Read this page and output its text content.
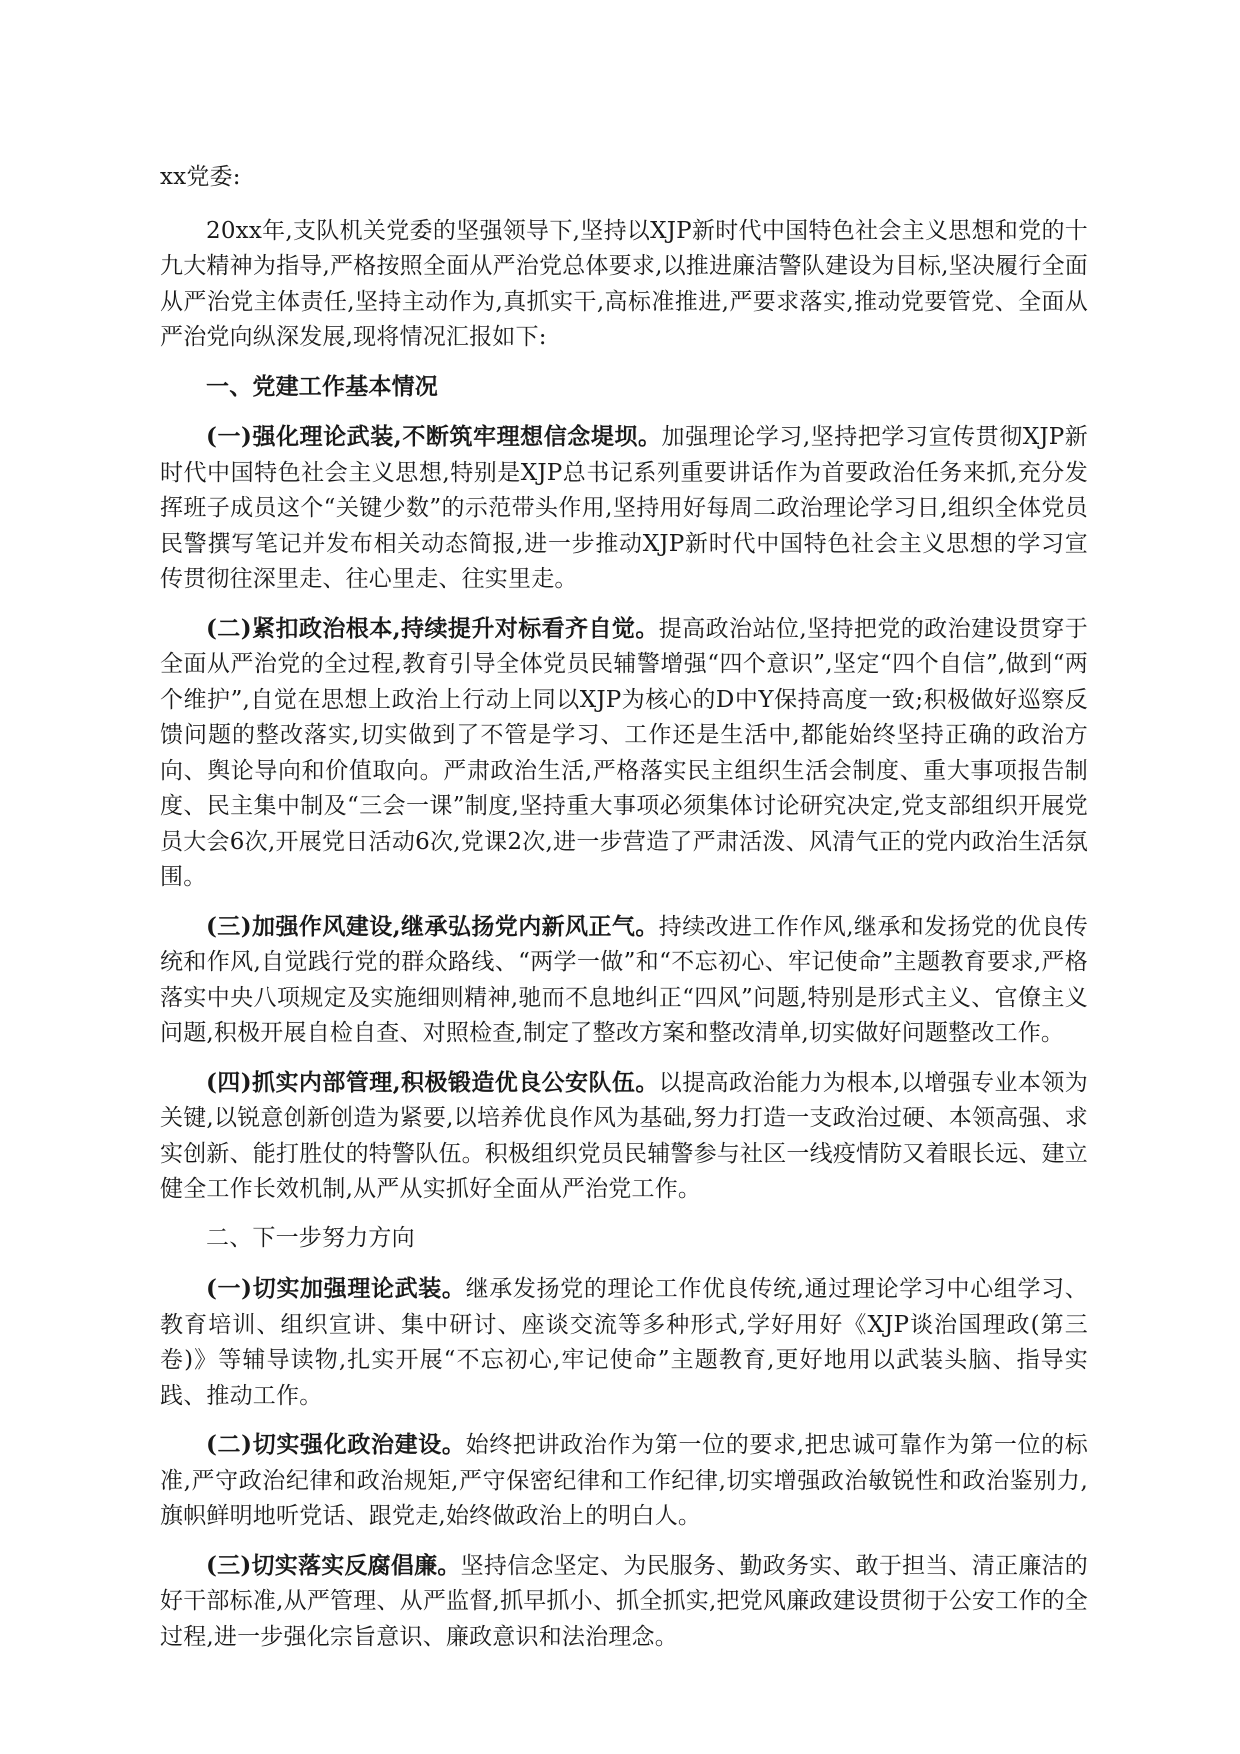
xx党委:

20xx年,支队机关党委的坚强领导下,坚持以XJP新时代中国特色社会主义思想和党的十九大精神为指导,严格按照全面从严治党总体要求,以推进廉洁警队建设为目标,坚决履行全面从严治党主体责任,坚持主动作为,真抓实干,高标准推进,严要求落实,推动党要管党、全面从严治党向纵深发展,现将情况汇报如下:

一、党建工作基本情况

(一)强化理论武装,不断筑牢理想信念堤坝。加强理论学习,坚持把学习宣传贯彻XJP新时代中国特色社会主义思想,特别是XJP总书记系列重要讲话作为首要政治任务来抓,充分发挥班子成员这个“关键少数”的示范带头作用,坚持用好每周二政治理论学习日,组织全体党员民警撰写笔记并发布相关动态简报,进一步推动XJP新时代中国特色社会主义思想的学习宣传贯彻往深里走、往心里走、往实里走。

(二)紧扣政治根本,持续提升对标看齐自觉。提高政治站位,坚持把党的政治建设贯穿于全面从严治党的全过程,教育引导全体党员民辅警增强“四个意识”,坚定“四个自信”,做到“两个维护”,自觉在思想上政治上行动上同以XJP为核心的D中Y保持高度一致;积极做好巡察反馈问题的整改落实,切实做到了不管是学习、工作还是生活中,都能始终坚持正确的政治方向、舆论导向和价值取向。严肃政治生活,严格落实民主组织生活会制度、重大事项报告制度、民主集中制及“三会一课”制度,坚持重大事项必须集体讨论研究决定,党支部组织开展党员大会6次,开展党日活动6次,党课2次,进一步营造了严肃活泼、风清气正的党内政治生活氛围。

(三)加强作风建设,继承弘扬党内新风正气。持续改进工作作风,继承和发扬党的优良传统和作风,自觉践行党的群众路线、“两学一做”和“不忘初心、牢记使命”主题教育要求,严格落实中央八项规定及实施细则精神,驰而不息地纠正“四风”问题,特别是形式主义、官僚主义问题,积极开展自检自查、对照检查,制定了整改方案和整改清单,切实做好问题整改工作。

(四)抓实内部管理,积极锻造优良公安队伍。以提高政治能力为根本,以增强专业本领为关键,以锐意创新创造为紧要,以培养优良作风为基础,努力打造一支政治过硬、本领高强、求实创新、能打胜仗的特警队伍。积极组织党员民辅警参与社区一线疫情防又着眼长远、建立健全工作长效机制,从严从实抓好全面从严治党工作。

二、下一步努力方向

(一)切实加强理论武装。继承发扬党的理论工作优良传统,通过理论学习中心组学习、教育培训、组织宣讲、集中研讨、座谈交流等多种形式,学好用好《XJP谈治国理政(第三卷)》等辅导读物,扎实开展“不忘初心,牢记使命”主题教育,更好地用以武装头脑、指导实践、推动工作。

(二)切实强化政治建设。始终把讲政治作为第一位的要求,把忠诚可靠作为第一位的标准,严守政治纪律和政治规矩,严守保密纪律和工作纪律,切实增强政治敏锐性和政治鉴别力,旗帜鲜明地听党话、跟党走,始终做政治上的明白人。

(三)切实落实反腐倡廉。坚持信念坚定、为民服务、勤政务实、敢于担当、清正廉洁的好干部标准,从严管理、从严监督,抓早抓小、抓全抓实,把党风廉政建设贯彻于公安工作的全过程,进一步强化宗旨意识、廉政意识和法治理念。
